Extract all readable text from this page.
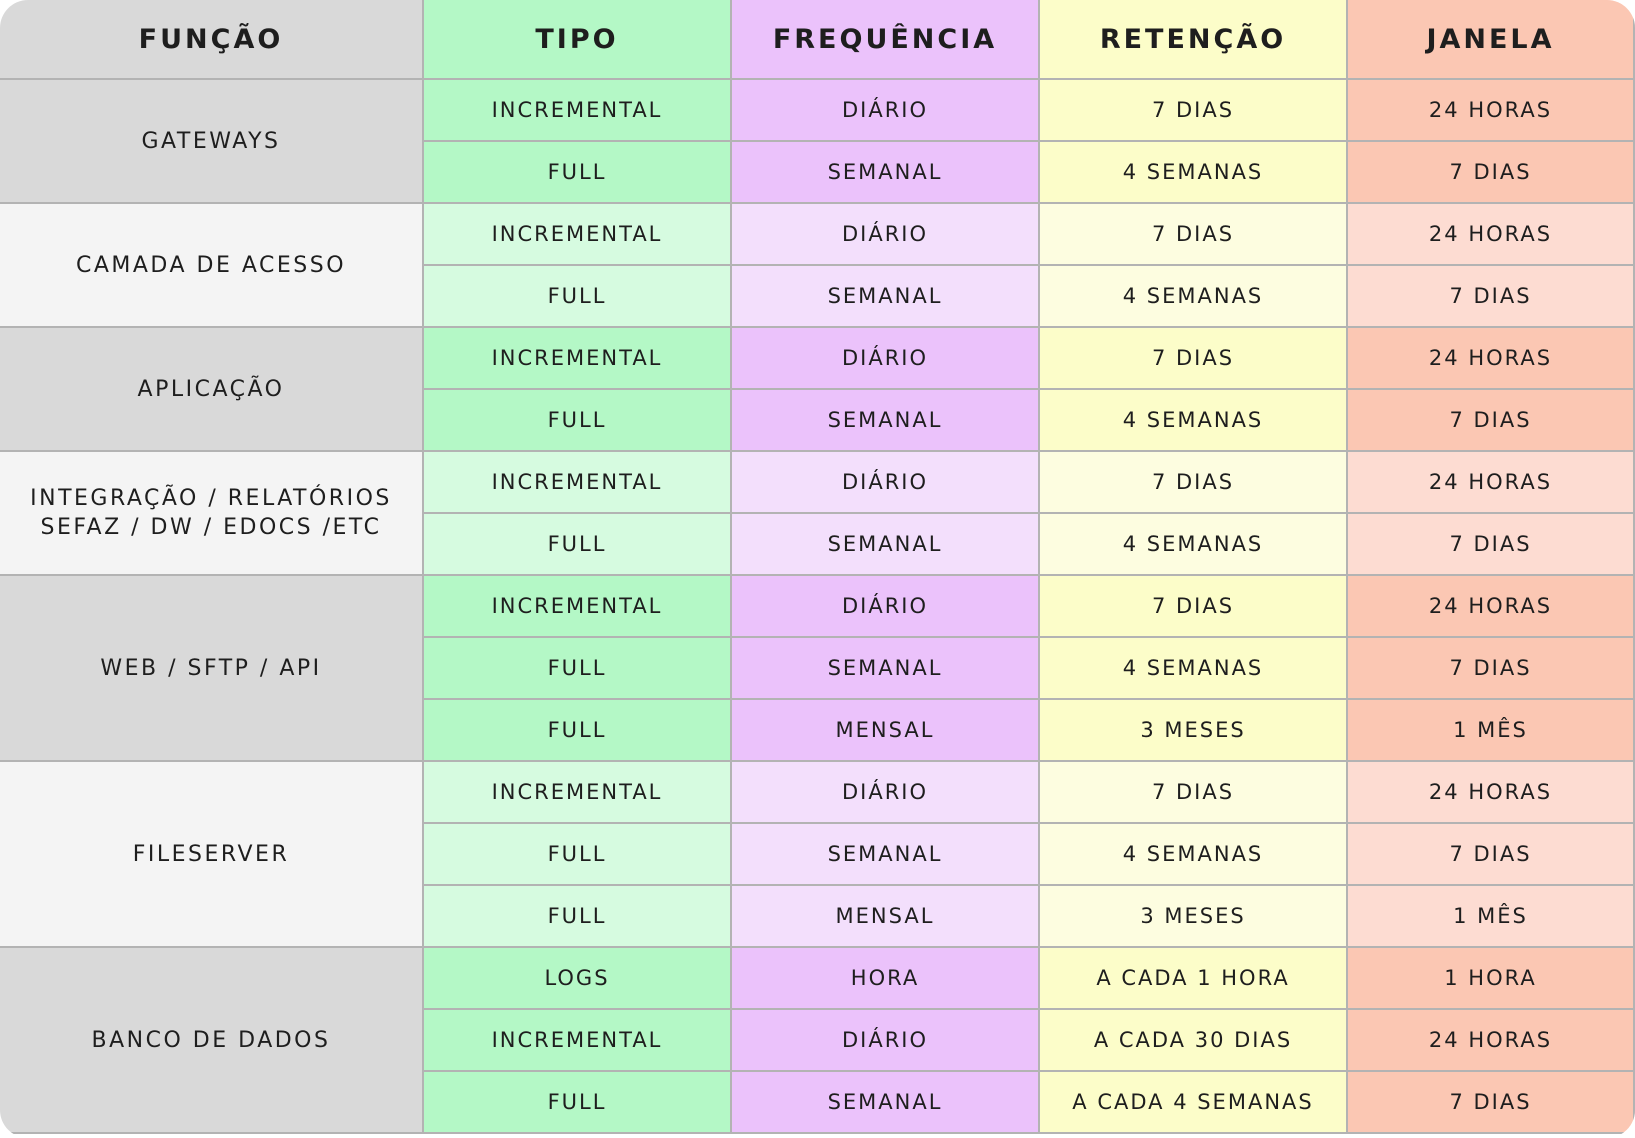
FUNÇÃO	TIPO	FREQUÊNCIA	RETENÇÃO	JANELA
GATEWAYS
INCREMENTAL	DIÁRIO	7 DIAS	24 HORAS
FULL	SEMANAL	4 SEMANAS	7 DIAS
CAMADA DE ACESSO
INCREMENTAL	DIÁRIO	7 DIAS	24 HORAS
FULL	SEMANAL	4 SEMANAS	7 DIAS
APLICAÇÃO
INCREMENTAL	DIÁRIO	7 DIAS	24 HORAS
FULL	SEMANAL	4 SEMANAS	7 DIAS
INTEGRAÇÃO / RELATÓRIOS
SEFAZ / DW / EDOCS /ETC
INCREMENTAL	DIÁRIO	7 DIAS	24 HORAS
FULL	SEMANAL	4 SEMANAS	7 DIAS
WEB / SFTP / API
INCREMENTAL	DIÁRIO	7 DIAS	24 HORAS
FULL	SEMANAL	4 SEMANAS	7 DIAS
FULL	MENSAL	3 MESES	1 MÊS
FILESERVER
INCREMENTAL	DIÁRIO	7 DIAS	24 HORAS
FULL	SEMANAL	4 SEMANAS	7 DIAS
FULL	MENSAL	3 MESES	1 MÊS
BANCO DE DADOS
LOGS	HORA	A CADA 1 HORA	1 HORA
INCREMENTAL	DIÁRIO	A CADA 30 DIAS	24 HORAS
FULL	SEMANAL	A CADA 4 SEMANAS	7 DIAS
